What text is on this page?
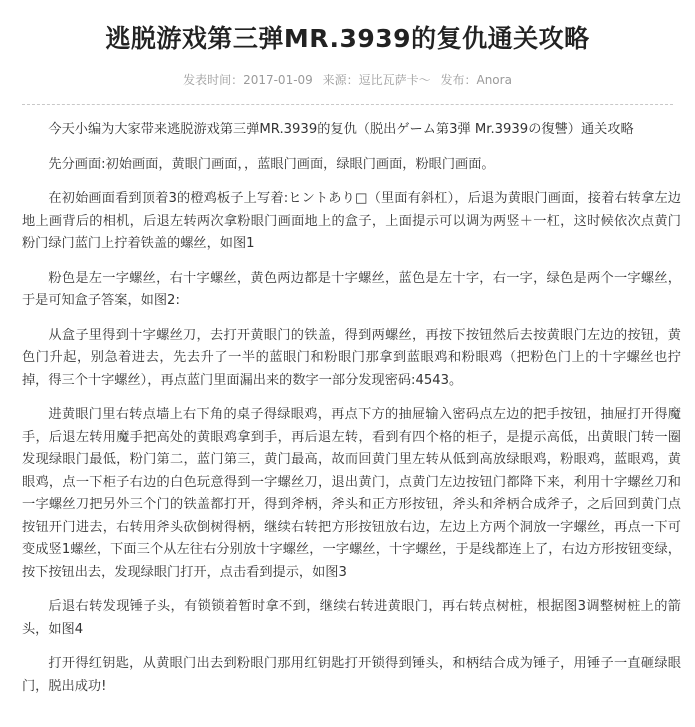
逃脱游戏第三弹MR.3939的复仇通关攻略
发表时间：2017-01-09 来源：逗比瓦萨卡～ 发布：Anora

今天小编为大家带来逃脱游戏第三弹MR.3939的复仇（脱出ゲーム第3弾 Mr.3939の復讐）通关攻略

先分画面:初始画面，黄眼门画面，，蓝眼门画面，绿眼门画面，粉眼门画面。

在初始画面看到顶着3的橙鸡板子上写着:ヒントあり□（里面有斜杠），后退为黄眼门画面，接着右转拿左边地上画背后的相机，后退左转两次拿粉眼门画面地上的盒子，上面提示可以调为两竖＋一杠，这时候依次点黄门粉门绿门蓝门上拧着铁盖的螺丝，如图1

粉色是左一字螺丝，右十字螺丝，黄色两边都是十字螺丝，蓝色是左十字，右一字，绿色是两个一字螺丝，于是可知盒子答案，如图2:

从盒子里得到十字螺丝刀，去打开黄眼门的铁盖，得到两螺丝，再按下按钮然后去按黄眼门左边的按钮，黄色门升起，别急着进去，先去升了一半的蓝眼门和粉眼门那拿到蓝眼鸡和粉眼鸡（把粉色门上的十字螺丝也拧掉，得三个十字螺丝），再点蓝门里面漏出来的数字一部分发现密码:4543。

进黄眼门里右转点墙上右下角的桌子得绿眼鸡，再点下方的抽屉输入密码点左边的把手按钮，抽屉打开得魔手，后退左转用魔手把高处的黄眼鸡拿到手，再后退左转，看到有四个格的柜子，是提示高低，出黄眼门转一圈发现绿眼门最低，粉门第二，蓝门第三，黄门最高，故而回黄门里左转从低到高放绿眼鸡，粉眼鸡，蓝眼鸡，黄眼鸡，点一下柜子右边的白色玩意得到一字螺丝刀，退出黄门，点黄门左边按钮门都降下来，利用十字螺丝刀和一字螺丝刀把另外三个门的铁盖都打开，得到斧柄，斧头和正方形按钮，斧头和斧柄合成斧子，之后回到黄门点按钮开门进去，右转用斧头砍倒树得柄，继续右转把方形按钮放右边，左边上方两个洞放一字螺丝，再点一下可变成竖1螺丝，下面三个从左往右分别放十字螺丝，一字螺丝，十字螺丝，于是线都连上了，右边方形按钮变绿，按下按钮出去，发现绿眼门打开，点击看到提示，如图3

后退右转发现锤子头，有锁锁着暂时拿不到，继续右转进黄眼门，再右转点树桩，根据图3调整树桩上的箭头，如图4

打开得红钥匙，从黄眼门出去到粉眼门那用红钥匙打开锁得到锤头，和柄结合成为锤子，用锤子一直砸绿眼门，脱出成功!
